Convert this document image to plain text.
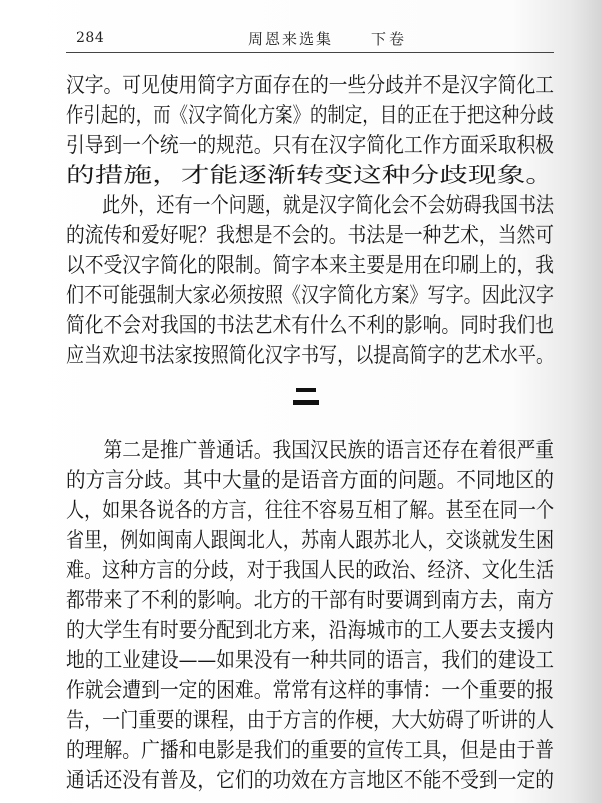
284	周恩来选集	下卷
汉字。可见使用简字方面存在的一些分歧并不是汉字简化工
作引起的，而《汉字简化方案》的制定，目的正在于把这种分歧
引导到一个统一的规范。只有在汉字简化工作方面采取积极
的措施，才能逐渐转变这种分歧现象。
　　此外，还有一个问题，就是汉字简化会不会妨碍我国书法
的流传和爱好呢？我想是不会的。书法是一种艺术，当然可
以不受汉字简化的限制。简字本来主要是用在印刷上的，我
们不可能强制大家必须按照《汉字简化方案》写字。因此汉字
简化不会对我国的书法艺术有什么不利的影响。同时我们也
应当欢迎书法家按照简化汉字书写，以提高简字的艺术水平。
　　第二是推广普通话。我国汉民族的语言还存在着很严重
的方言分歧。其中大量的是语音方面的问题。不同地区的
人，如果各说各的方言，往往不容易互相了解。甚至在同一个
省里，例如闽南人跟闽北人，苏南人跟苏北人，交谈就发生困
难。这种方言的分歧，对于我国人民的政治、经济、文化生活
都带来了不利的影响。北方的干部有时要调到南方去，南方
的大学生有时要分配到北方来，沿海城市的工人要去支援内
地的工业建设——如果没有一种共同的语言，我们的建设工
作就会遭到一定的困难。常常有这样的事情：一个重要的报
告，一门重要的课程，由于方言的作梗，大大妨碍了听讲的人
的理解。广播和电影是我们的重要的宣传工具，但是由于普
通话还没有普及，它们的功效在方言地区不能不受到一定的
